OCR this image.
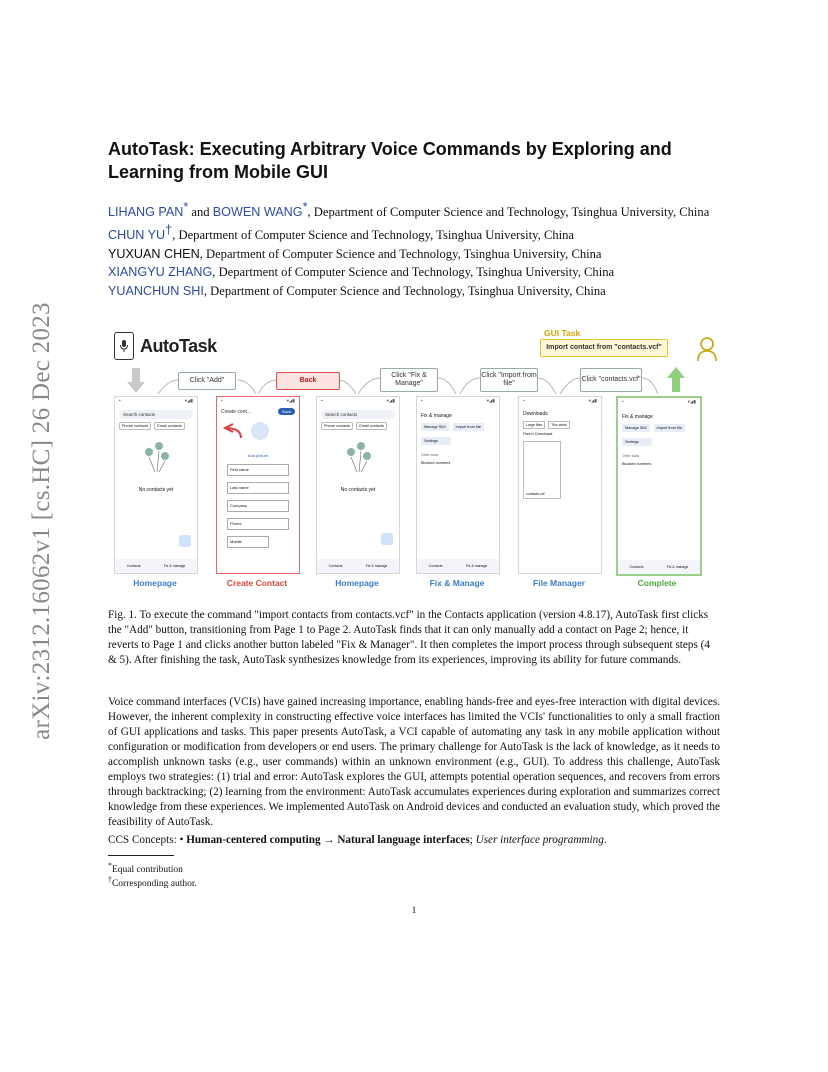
arXiv:2312.16062v1 [cs.HC] 26 Dec 2023
AutoTask: Executing Arbitrary Voice Commands by Exploring and Learning from Mobile GUI

LIHANG PAN* and BOWEN WANG*, Department of Computer Science and Technology, Tsinghua University, China

CHUN YU†, Department of Computer Science and Technology, Tsinghua University, China

YUXUAN CHEN, Department of Computer Science and Technology, Tsinghua University, China

XIANGYU ZHANG, Department of Computer Science and Technology, Tsinghua University, China

YUANCHUN SHI, Department of Computer Science and Technology, Tsinghua University, China

AutoTask
GUI Task
Import contact from "contacts.vcf"
Click "Add"	Back
Click "Fix & Manage"
Click "Import from file"
Click "contacts.vcf"
•	▾◢▮
Search contacts
Phone contacts	Email contacts
No contacts yet
Contacts	Fix & manage
•	▾◢▮
Create cont...	Save
Add picture
First name
Last name
Company
Phone
Mobile
•	▾◢▮
Search contacts
Phone contacts	Email contacts
No contacts yet
Contacts	Fix & manage
•	▾◢▮
Fix & manage
Manage SIM	Import from file
Settings
Other tools
Blocked numbers
Contacts	Fix & manage
•	▾◢▮
Downloads
Large files	This week
Files in Downloads
contacts.vcf
•	▾◢▮
Fix & manage
Manage SIM	Import from file
Settings
Other tools
Blocked numbers
Contacts	Fix & manage
Homepage	Create Contact	Homepage	Fix & Manage	File Manager	Complete
Fig. 1. To execute the command "import contacts from contacts.vcf" in the Contacts application (version 4.8.17), AutoTask first clicks the "Add" button, transitioning from Page 1 to Page 2. AutoTask finds that it can only manually add a contact on Page 2; hence, it reverts to Page 1 and clicks another button labeled "Fix & Manager". It then completes the import process through subsequent steps (4 & 5). After finishing the task, AutoTask synthesizes knowledge from its experiences, improving its ability for future commands.
Voice command interfaces (VCIs) have gained increasing importance, enabling hands-free and eyes-free interaction with digital devices. However, the inherent complexity in constructing effective voice interfaces has limited the VCIs' functionalities to only a small fraction of GUI applications and tasks. This paper presents AutoTask, a VCI capable of automating any task in any mobile application without configuration or modification from developers or end users. The primary challenge for AutoTask is the lack of knowledge, as it needs to accomplish unknown tasks (e.g., user commands) within an unknown environment (e.g., GUI). To address this challenge, AutoTask employs two strategies: (1) trial and error: AutoTask explores the GUI, attempts potential operation sequences, and recovers from errors through backtracking; (2) learning from the environment: AutoTask accumulates experiences during exploration and summarizes correct knowledge from these experiences. We implemented AutoTask on Android devices and conducted an evaluation study, which proved the feasibility of AutoTask.
CCS Concepts: • Human-centered computing → Natural language interfaces; User interface programming.
*Equal contribution
†Corresponding author.
1
